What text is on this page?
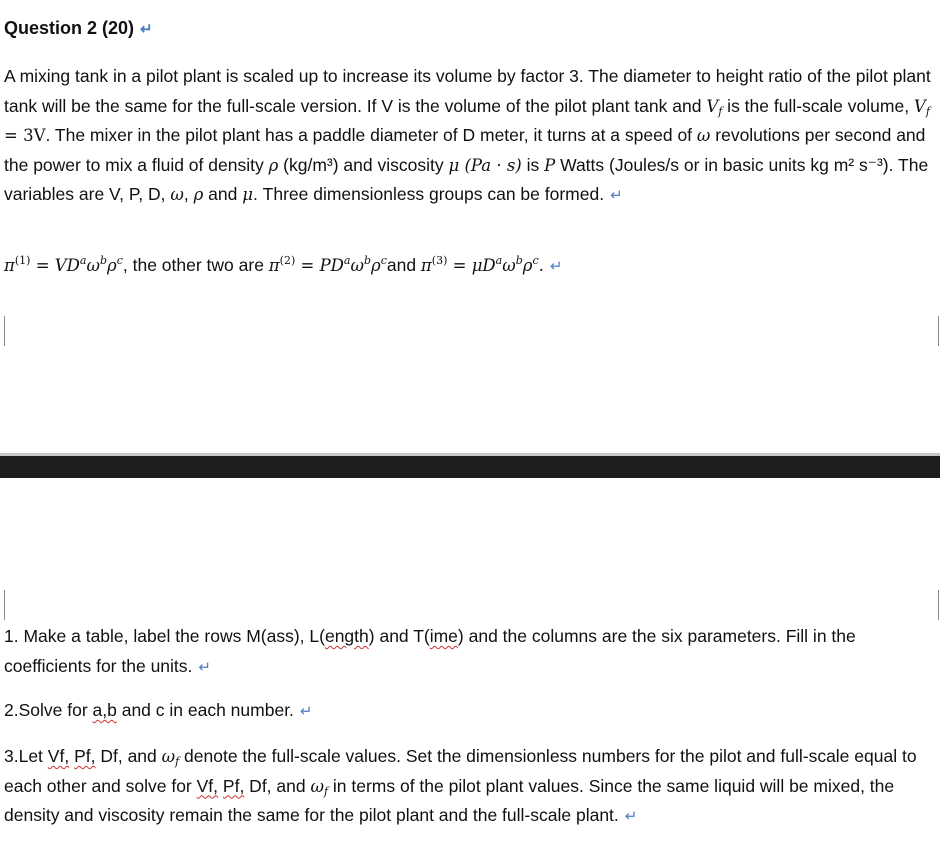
Question 2 (20) ↵
A mixing tank in a pilot plant is scaled up to increase its volume by factor 3. The diameter to height ratio of the pilot plant tank will be the same for the full-scale version. If V is the volume of the pilot plant tank and $V_f$ is the full-scale volume, $V_f = 3V$. The mixer in the pilot plant has a paddle diameter of D meter, it turns at a speed of ω revolutions per second and the power to mix a fluid of density ρ (kg/m³) and viscosity μ (Pa · s) is P Watts (Joules/s or in basic units kg m² s⁻³). The variables are V, P, D, ω, ρ and μ. Three dimensionless groups can be formed. ↵
$\pi^{(1)} = VD^a\omega^b\rho^c$, the other two are $\pi^{(2)} = PD^a\omega^b\rho^cand$ $\pi^{(3)} = \mu D^a\omega^b\rho^c$. ↵
1. Make a table, label the rows M(ass), L(ength) and T(ime) and the columns are the six parameters. Fill in the coefficients for the units. ↵
2.Solve for a,b and c in each number. ↵
3.Let Vf, Pf, Df, and $\omega_f$ denote the full-scale values. Set the dimensionless numbers for the pilot and full-scale equal to each other and solve for Vf, Pf, Df, and $\omega_f$ in terms of the pilot plant values. Since the same liquid will be mixed, the density and viscosity remain the same for the pilot plant and the full-scale plant. ↵
